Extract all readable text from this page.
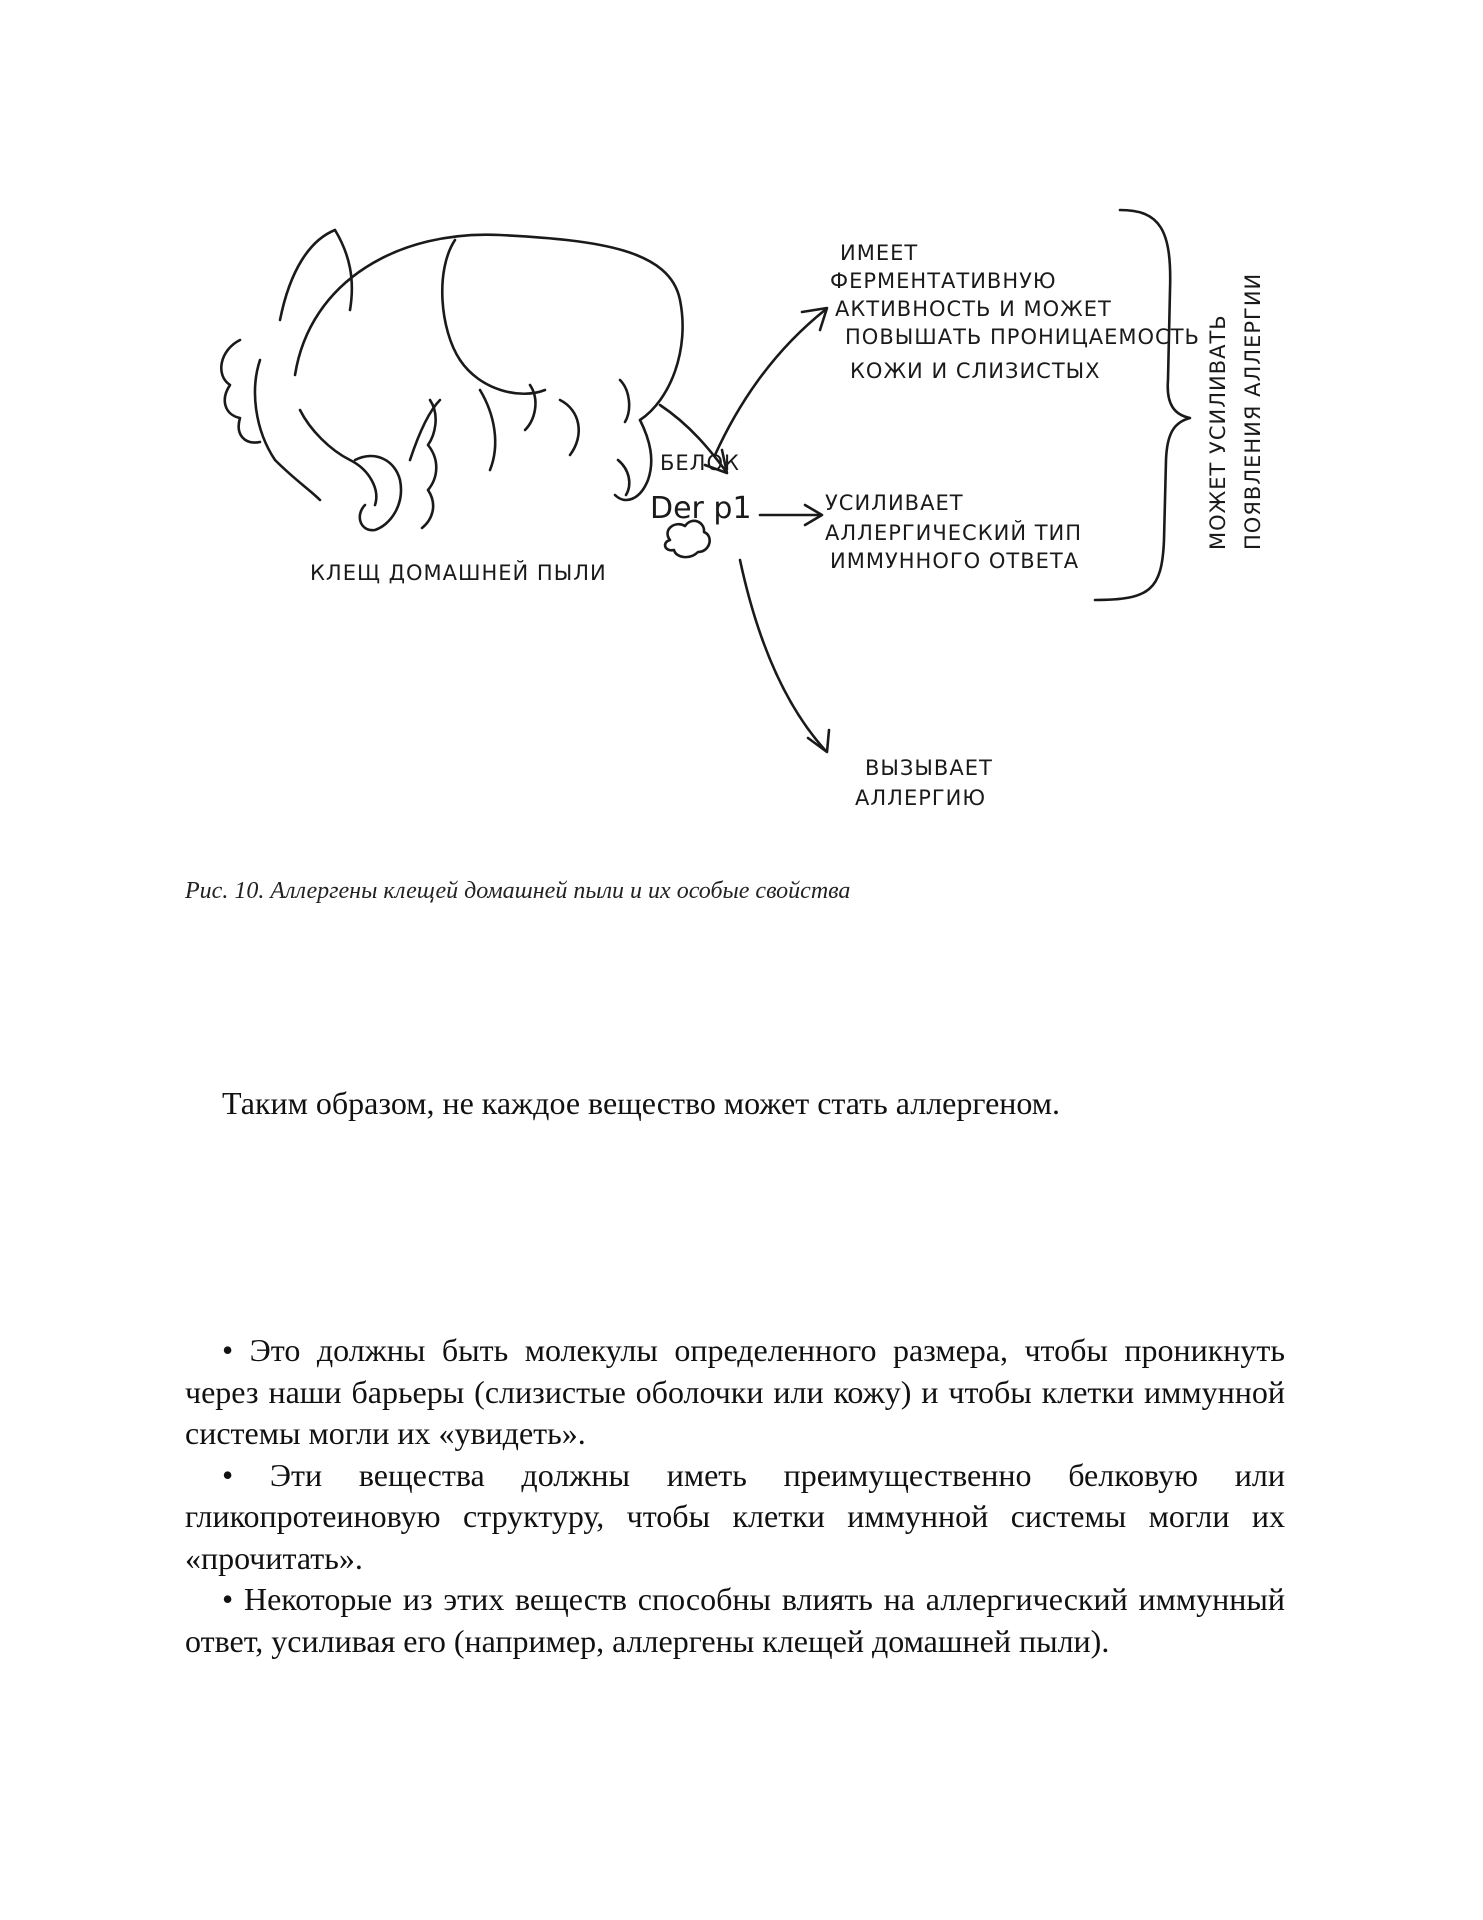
КЛЕЩ ДОМАШНЕЙ ПЫЛИ
БЕЛОК
Der p1
ИМЕЕТ ФЕРМЕНТАТИВНУЮ АКТИВНОСТЬ И МОЖЕТ ПОВЫШАТЬ ПРОНИЦАЕМОСТЬ КОЖИ И СЛИЗИСТЫХ
УСИЛИВАЕТ АЛЛЕРГИЧЕСКИЙ ТИП ИММУННОГО ОТВЕТА
ВЫЗЫВАЕТ АЛЛЕРГИЮ
МОЖЕТ УСИЛИВАТЬ ПОЯВЛЕНИЯ АЛЛЕРГИИ
Рис. 10. Аллергены клещей домашней пыли и их особые свойства
Таким образом, не каждое вещество может стать аллергеном.

• Это должны быть молекулы определенного размера, чтобы проникнуть через наши барьеры (слизистые оболочки или кожу) и чтобы клетки иммунной системы могли их «увидеть».

• Эти вещества должны иметь преимущественно белковую или гликопротеиновую структуру, чтобы клетки иммунной системы могли их «прочитать».

• Некоторые из этих веществ способны влиять на аллергический иммунный ответ, усиливая его (например, аллергены клещей домашней пыли).
